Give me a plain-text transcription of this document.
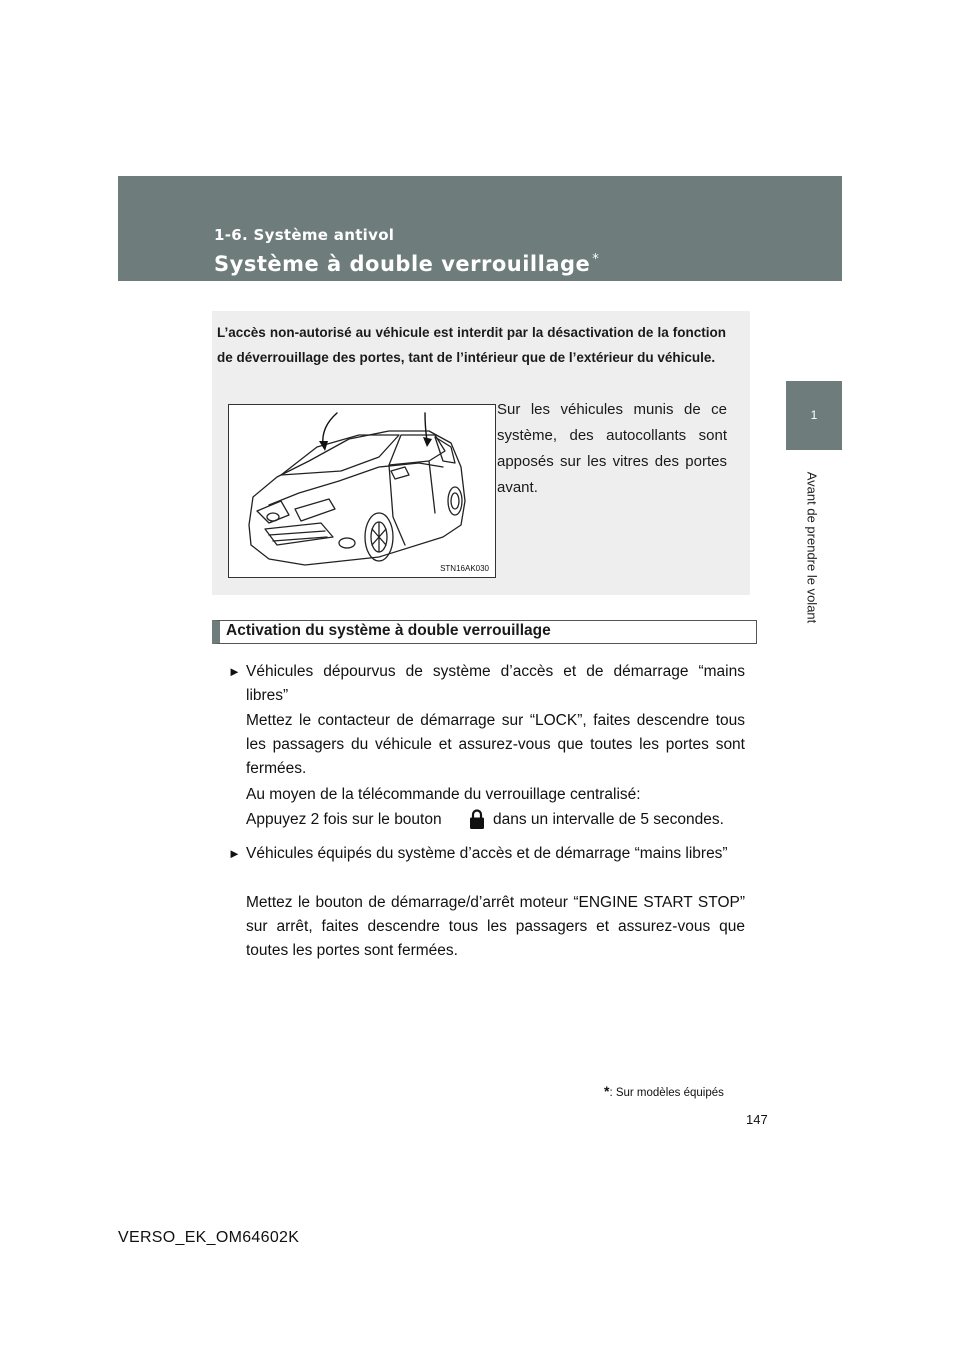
1-6. Système antivol
Système à double verrouillage *
1
Avant de prendre le volant
L’accès non-autorisé au véhicule est interdit par la désactivation de la fonction de déverrouillage des portes, tant de l’intérieur que de l’extérieur du véhicule.
STN16AK030
Sur les véhicules munis de ce système, des autocollants sont apposés sur les vitres des portes avant.
Activation du système à double verrouillage
► Véhicules dépourvus de système d’accès et de démarrage “mains libres”
Mettez le contacteur de démarrage sur “LOCK”, faites descendre tous les passagers du véhicule et assurez-vous que toutes les portes sont fermées.
Au moyen de la télécommande du verrouillage centralisé:
Appuyez 2 fois sur le bouton	dans un intervalle de 5 secondes.
► Véhicules équipés du système d’accès et de démarrage “mains libres”
Mettez le bouton de démarrage/d’arrêt moteur “ENGINE START STOP” sur arrêt, faites descendre tous les passagers et assurez-vous que toutes les portes sont fermées.
*: Sur modèles équipés
147
VERSO_EK_OM64602K
